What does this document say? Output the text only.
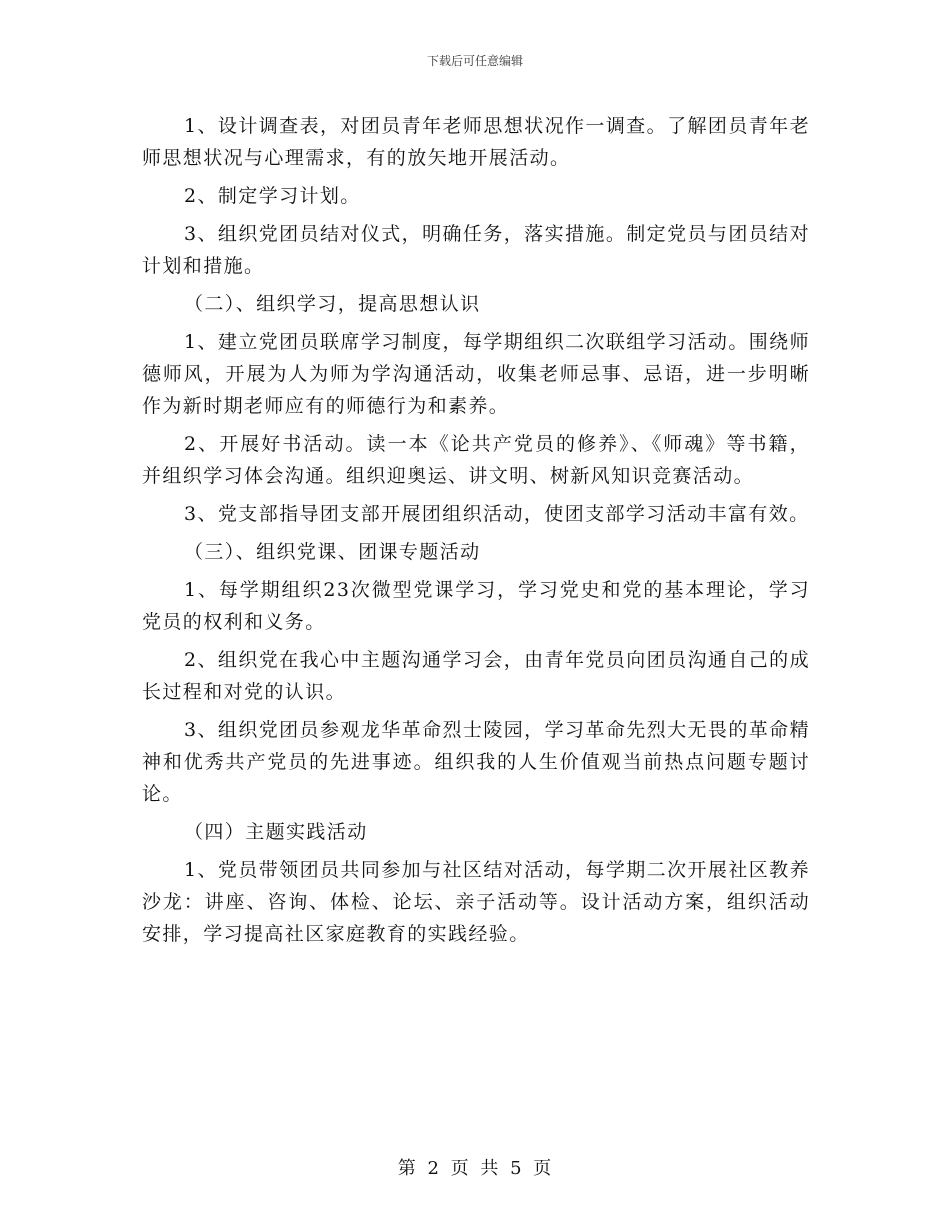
下载后可任意编辑

1、设计调查表，对团员青年老师思想状况作一调查。了解团员青年老师思想状况与心理需求，有的放矢地开展活动。

2、制定学习计划。

3、组织党团员结对仪式，明确任务，落实措施。制定党员与团员结对计划和措施。

（二）、组织学习，提高思想认识

1、建立党团员联席学习制度，每学期组织二次联组学习活动。围绕师德师风，开展为人为师为学沟通活动，收集老师忌事、忌语，进一步明晰作为新时期老师应有的师德行为和素养。

2、开展好书活动。读一本《论共产党员的修养》、《师魂》等书籍，并组织学习体会沟通。组织迎奥运、讲文明、树新风知识竞赛活动。

3、党支部指导团支部开展团组织活动，使团支部学习活动丰富有效。

（三）、组织党课、团课专题活动

1、每学期组织23次微型党课学习，学习党史和党的基本理论，学习党员的权利和义务。

2、组织党在我心中主题沟通学习会，由青年党员向团员沟通自己的成长过程和对党的认识。

3、组织党团员参观龙华革命烈士陵园，学习革命先烈大无畏的革命精神和优秀共产党员的先进事迹。组织我的人生价值观当前热点问题专题讨论。

（四）主题实践活动

1、党员带领团员共同参加与社区结对活动，每学期二次开展社区教养沙龙：讲座、咨询、体检、论坛、亲子活动等。设计活动方案，组织活动安排，学习提高社区家庭教育的实践经验。

第 2 页 共 5 页
